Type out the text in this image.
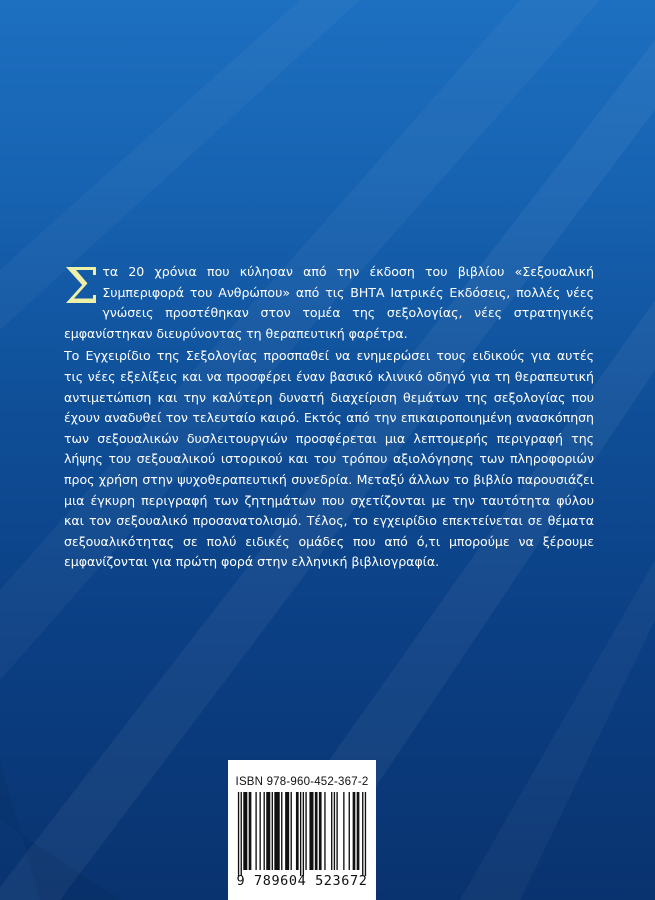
Στα 20 χρόνια που κύλησαν από την έκδοση του βιβλίου «Σεξουαλική Συμπεριφορά του Ανθρώπου» από τις ΒΗΤΑ Ιατρικές Εκδόσεις, πολλές νέες γνώσεις προστέθηκαν στον τομέα της σεξολογίας, νέες στρατηγικές εμφανίστηκαν διευρύνοντας τη θεραπευτική φαρέτρα.

Το Εγχειρίδιο της Σεξολογίας προσπαθεί να ενημερώσει τους ειδικούς για αυτές τις νέες εξελίξεις και να προσφέρει έναν βασικό κλινικό οδηγό για τη θεραπευτική αντιμετώπιση και την καλύτερη δυνατή διαχείριση θεμάτων της σεξολογίας που έχουν αναδυθεί τον τελευταίο καιρό. Εκτός από την επικαιροποιημένη ανασκόπηση των σεξουαλικών δυσλειτουργιών προσφέρεται μια λεπτομερής περιγραφή της λήψης του σεξουαλικού ιστορικού και του τρόπου αξιολόγησης των πληροφοριών προς χρήση στην ψυχοθεραπευτική συνεδρία. Μεταξύ άλλων το βιβλίο παρουσιάζει μια έγκυρη περιγραφή των ζητημάτων που σχετίζονται με την ταυτότητα φύλου και τον σεξουαλικό προσανατολισμό. Τέλος, το εγχειρίδιο επεκτείνεται σε θέματα σεξουαλικότητας σε πολύ ειδικές ομάδες που από ό,τι μπορούμε να ξέρουμε εμφανίζονται για πρώτη φορά στην ελληνική βιβλιογραφία.

ISBN 978-960-452-367-2
9 789604 523672
